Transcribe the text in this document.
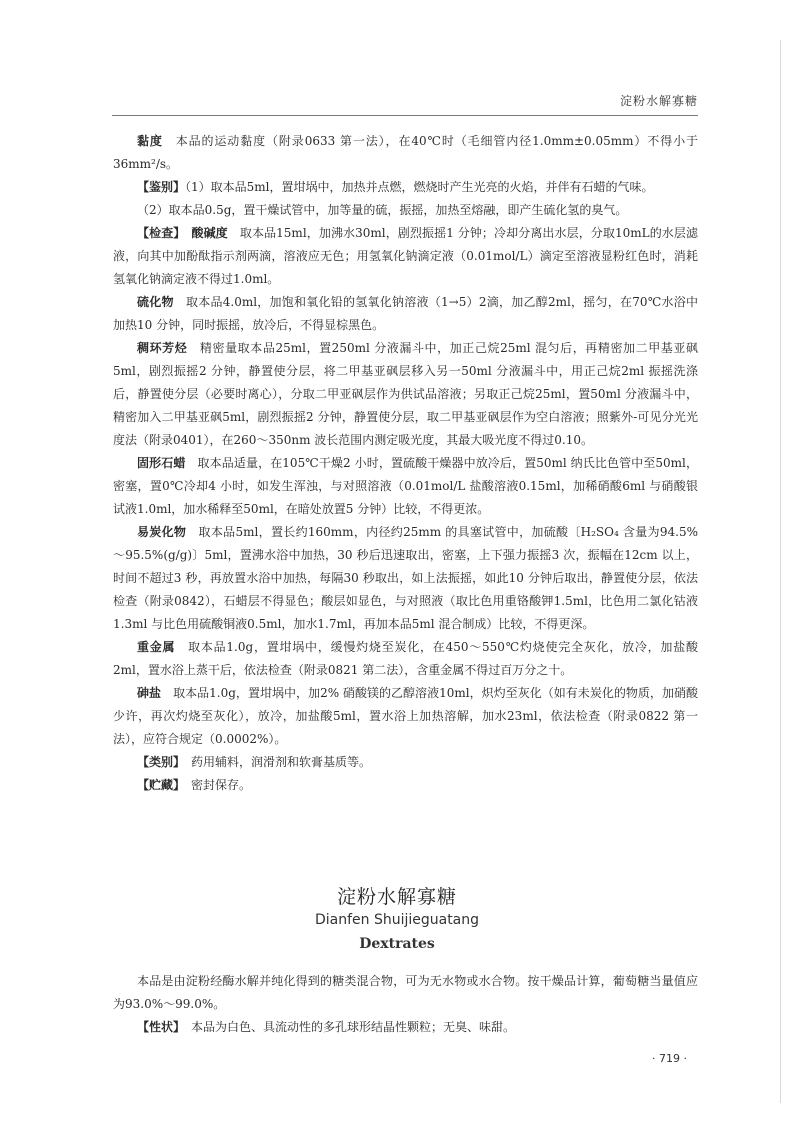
淀粉水解寡糖

黏度　本品的运动黏度（附录0633 第一法），在40℃时（毛细管内径1.0mm±0.05mm）不得小于36mm²/s。

【鉴别】（1）取本品5ml，置坩埚中，加热并点燃，燃烧时产生光亮的火焰，并伴有石蜡的气味。

（2）取本品0.5g，置干燥试管中，加等量的硫，振摇，加热至熔融，即产生硫化氢的臭气。

【检查】　酸碱度　取本品15ml，加沸水30ml，剧烈振摇1 分钟；冷却分离出水层，分取10mL的水层滤液，向其中加酚酞指示剂两滴，溶液应无色；用氢氧化钠滴定液（0.01mol/L）滴定至溶液显粉红色时，消耗氢氧化钠滴定液不得过1.0ml。

硫化物　取本品4.0ml，加饱和氧化铅的氢氧化钠溶液（1→5）2滴，加乙醇2ml，摇匀，在70℃水浴中加热10 分钟，同时振摇，放冷后，不得显棕黑色。

稠环芳烃　精密量取本品25ml，置250ml 分液漏斗中，加正己烷25ml 混匀后，再精密加二甲基亚砜5ml，剧烈振摇2 分钟，静置使分层，将二甲基亚砜层移入另一50ml 分液漏斗中，用正己烷2ml 振摇洗涤后，静置使分层（必要时离心），分取二甲亚砜层作为供试品溶液；另取正己烷25ml，置50ml 分液漏斗中，精密加入二甲基亚砜5ml，剧烈振摇2 分钟，静置使分层，取二甲基亚砜层作为空白溶液；照紫外-可见分光光度法（附录0401），在260～350nm 波长范围内测定吸光度，其最大吸光度不得过0.10。

固形石蜡　取本品适量，在105℃干燥2 小时，置硫酸干燥器中放冷后，置50ml 纳氏比色管中至50ml，密塞，置0℃冷却4 小时，如发生浑浊，与对照溶液（0.01mol/L 盐酸溶液0.15ml，加稀硝酸6ml 与硝酸银试液1.0ml，加水稀释至50ml，在暗处放置5 分钟）比较，不得更浓。

易炭化物　取本品5ml，置长约160mm，内径约25mm 的具塞试管中，加硫酸〔H₂SO₄ 含量为94.5%～95.5%(g/g)〕5ml，置沸水浴中加热，30 秒后迅速取出，密塞，上下强力振摇3 次，振幅在12cm 以上，时间不超过3 秒，再放置水浴中加热，每隔30 秒取出，如上法振摇，如此10 分钟后取出，静置使分层，依法检查（附录0842），石蜡层不得显色；酸层如显色，与对照液（取比色用重铬酸钾1.5ml，比色用二氯化钴液1.3ml 与比色用硫酸铜液0.5ml，加水1.7ml，再加本品5ml 混合制成）比较，不得更深。

重金属　取本品1.0g，置坩埚中，缓慢灼烧至炭化，在450～550℃灼烧使完全灰化，放冷，加盐酸2ml，置水浴上蒸干后，依法检查（附录0821 第二法），含重金属不得过百万分之十。

砷盐　取本品1.0g，置坩埚中，加2% 硝酸镁的乙醇溶液10ml，炽灼至灰化（如有未炭化的物质，加硝酸少许，再次灼烧至灰化），放冷，加盐酸5ml，置水浴上加热溶解，加水23ml，依法检查（附录0822 第一法），应符合规定（0.0002%）。

【类别】　药用辅料，润滑剂和软膏基质等。

【贮藏】　密封保存。

淀粉水解寡糖
Dianfen Shuijieguatang
Dextrates

本品是由淀粉经酶水解并纯化得到的糖类混合物，可为无水物或水合物。按干燥品计算，葡萄糖当量值应为93.0%～99.0%。

【性状】　本品为白色、具流动性的多孔球形结晶性颗粒；无臭、味甜。

· 719 ·
